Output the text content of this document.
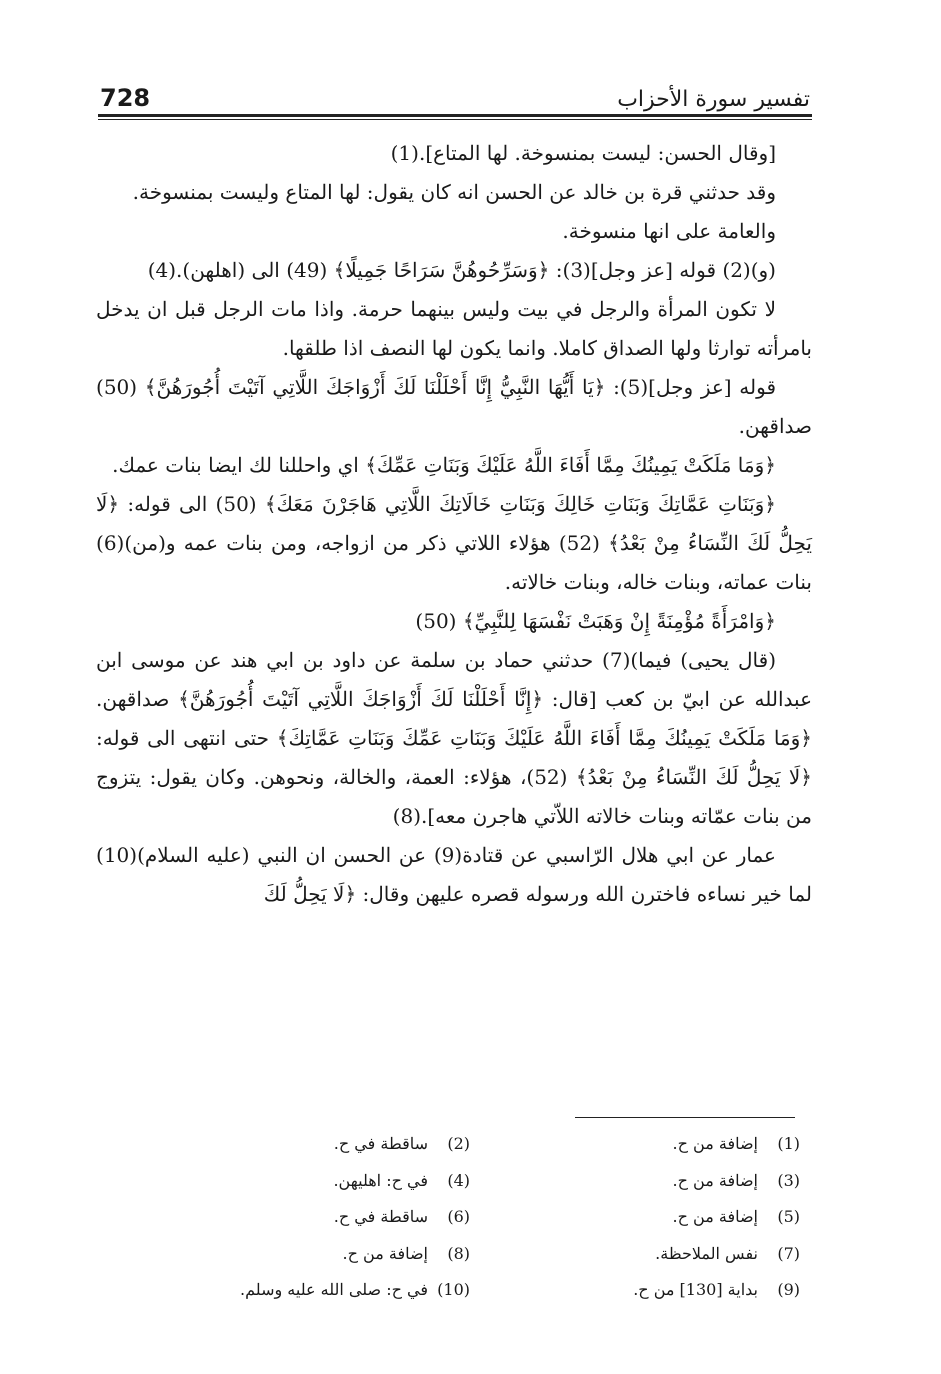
728	تفسير سورة الأحزاب

[وقال الحسن: ليست بمنسوخة. لها المتاع].(1)

وقد حدثني قرة بن خالد عن الحسن انه كان يقول: لها المتاع وليست بمنسوخة.

والعامة على انها منسوخة.

(و)(2) قوله [عز وجل](3): ﴿وَسَرِّحُوهُنَّ سَرَاحًا جَمِيلًا﴾ (49) الى (اهلهن).(4)

لا تكون المرأة والرجل في بيت وليس بينهما حرمة. واذا مات الرجل قبل ان يدخل بامرأته توارثا ولها الصداق كاملا. وانما يكون لها النصف اذا طلقها.

قوله [عز وجل](5): ﴿يَا أَيُّهَا النَّبِيُّ إِنَّا أَحْلَلْنَا لَكَ أَزْوَاجَكَ اللَّاتِي آتَيْتَ أُجُورَهُنَّ﴾ (50) صداقهن.

﴿وَمَا مَلَكَتْ يَمِينُكَ مِمَّا أَفَاءَ اللَّهُ عَلَيْكَ وَبَنَاتِ عَمِّكَ﴾ اي واحللنا لك ايضا بنات عمك.

﴿وَبَنَاتِ عَمَّاتِكَ وَبَنَاتِ خَالِكَ وَبَنَاتِ خَالَاتِكَ اللَّاتِي هَاجَرْنَ مَعَكَ﴾ (50) الى قوله: ﴿لَا يَحِلُّ لَكَ النِّسَاءُ مِنْ بَعْدُ﴾ (52) هؤلاء اللاتي ذكر من ازواجه، ومن بنات عمه و(من)(6) بنات عماته، وبنات خاله، وبنات خالاته.

﴿وَامْرَأَةً مُؤْمِنَةً إِنْ وَهَبَتْ نَفْسَهَا لِلنَّبِيِّ﴾ (50)

(قال يحيى) فيما)(7) حدثني حماد بن سلمة عن داود بن ابي هند عن موسى ابن عبدالله عن ابيّ بن كعب [قال: ﴿إِنَّا أَحْلَلْنَا لَكَ أَزْوَاجَكَ اللَّاتِي آتَيْتَ أُجُورَهُنَّ﴾ صداقهن. ﴿وَمَا مَلَكَتْ يَمِينُكَ مِمَّا أَفَاءَ اللَّهُ عَلَيْكَ وَبَنَاتِ عَمِّكَ وَبَنَاتِ عَمَّاتِكَ﴾ حتى انتهى الى قوله: ﴿لَا يَحِلُّ لَكَ النِّسَاءُ مِنْ بَعْدُ﴾ (52)، هؤلاء: العمة، والخالة، ونحوهن. وكان يقول: يتزوج من بنات عمّاته وبنات خالاته اللاّتي هاجرن معه].(8)

عمار عن ابي هلال الرّاسبي عن قتادة(9) عن الحسن ان النبي (عليه السلام)(10) لما خير نساءه فاخترن الله ورسوله قصره عليهن وقال: ﴿لَا يَحِلُّ لَكَ

(1)إضافة من ح.
(2)ساقطة في ح.
(3)إضافة من ح.
(4)في ح: اهليهن.
(5)إضافة من ح.
(6)ساقطة في ح.
(7)نفس الملاحظة.
(8)إضافة من ح.
(9)بداية [130] من ح.
(10)في ح: صلى الله عليه وسلم.
